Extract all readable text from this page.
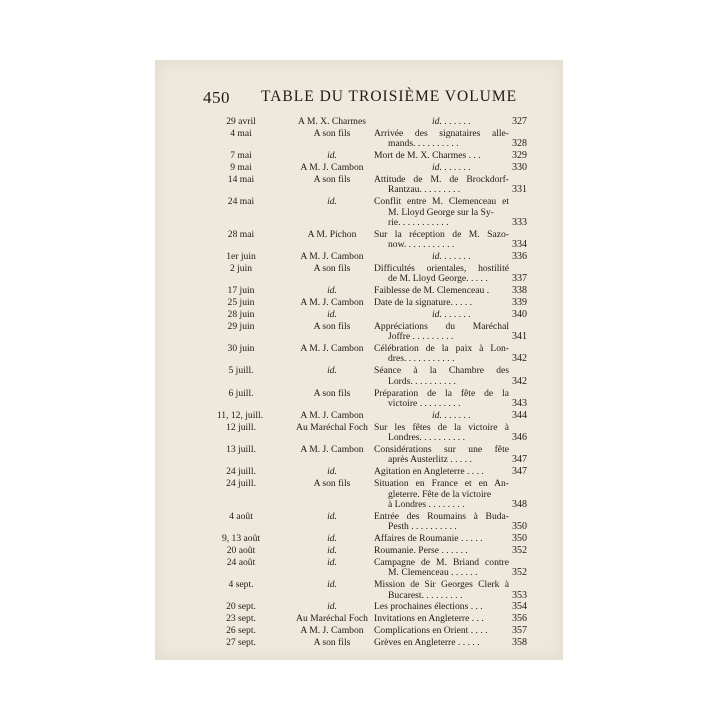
450 TABLE DU TROISIÈME VOLUME
29 avril	A M. X. Charmes	id. . . . . . .	327
4 mai	A son fils	Arrivée des signataires alle-
mands. . . . . . . . . .	328
7 mai	id.	Mort de M. X. Charmes . . .	329
9 mai	A M. J. Cambon	id. . . . . . .	330
14 mai	A son fils	Attitude de M. de Brockdorf-
Rantzau. . . . . . . . .	331
24 mai	id.	Conflit entre M. Clemenceau et
M. Lloyd George sur la Sy-
rie. . . . . . . . . . .	333
28 mai	A M. Pichon	Sur la réception de M. Sazo-
now. . . . . . . . . . .	334
1er juin	A M. J. Cambon	id. . . . . . .	336
2 juin	A son fils	Difficultés orientales, hostilité
de M. Lloyd George. . . . .	337
17 juin	id.	Faiblesse de M. Clemenceau .	338
25 juin	A M. J. Cambon	Date de la signature. . . . .	339
28 juin	id.	id. . . . . . .	340
29 juin	A son fils	Appréciations du Maréchal
Joffre . . . . . . . . .	341
30 juin	A M. J. Cambon	Célébration de la paix à Lon-
dres. . . . . . . . . . .	342
5 juill.	id.	Séance à la Chambre des
Lords. . . . . . . . . .	342
6 juill.	A son fils	Préparation de la fête de la
victoire . . . . . . . . .	343
11, 12, juill.	A M. J. Cambon	id. . . . . . .	344
12 juill.	Au Maréchal Foch Sur les fêtes de la victoire à
Londres. . . . . . . . . .	346
13 juill.	A M. J. Cambon	Considérations sur une fête
après Austerlitz . . . . .	347
24 juill.	id.	Agitation en Angleterre . . . .	347
24 juill.	A son fils	Situation en France et en An-
gleterre. Fête de la victoire
à Londres . . . . . . . .	348
4 août	id.	Entrée des Roumains à Buda-
Pesth . . . . . . . . . .	350
9, 13 août	id.	Affaires de Roumanie . . . . .	350
20 août	id.	Roumanie. Perse . . . . . .	352
24 août	id.	Campagne de M. Briand contre
M. Clemenceau . . . . . .	352
4 sept.	id.	Mission de Sir Georges Clerk à
Bucarest. . . . . . . . .	353
20 sept.	id.	Les prochaines élections . . .	354
23 sept.	Au Maréchal Foch Invitations en Angleterre . . .	356
26 sept.	A M. J. Cambon	Complications en Orient . . . .	357
27 sept.	A son fils	Grèves en Angleterre . . . . .	358
